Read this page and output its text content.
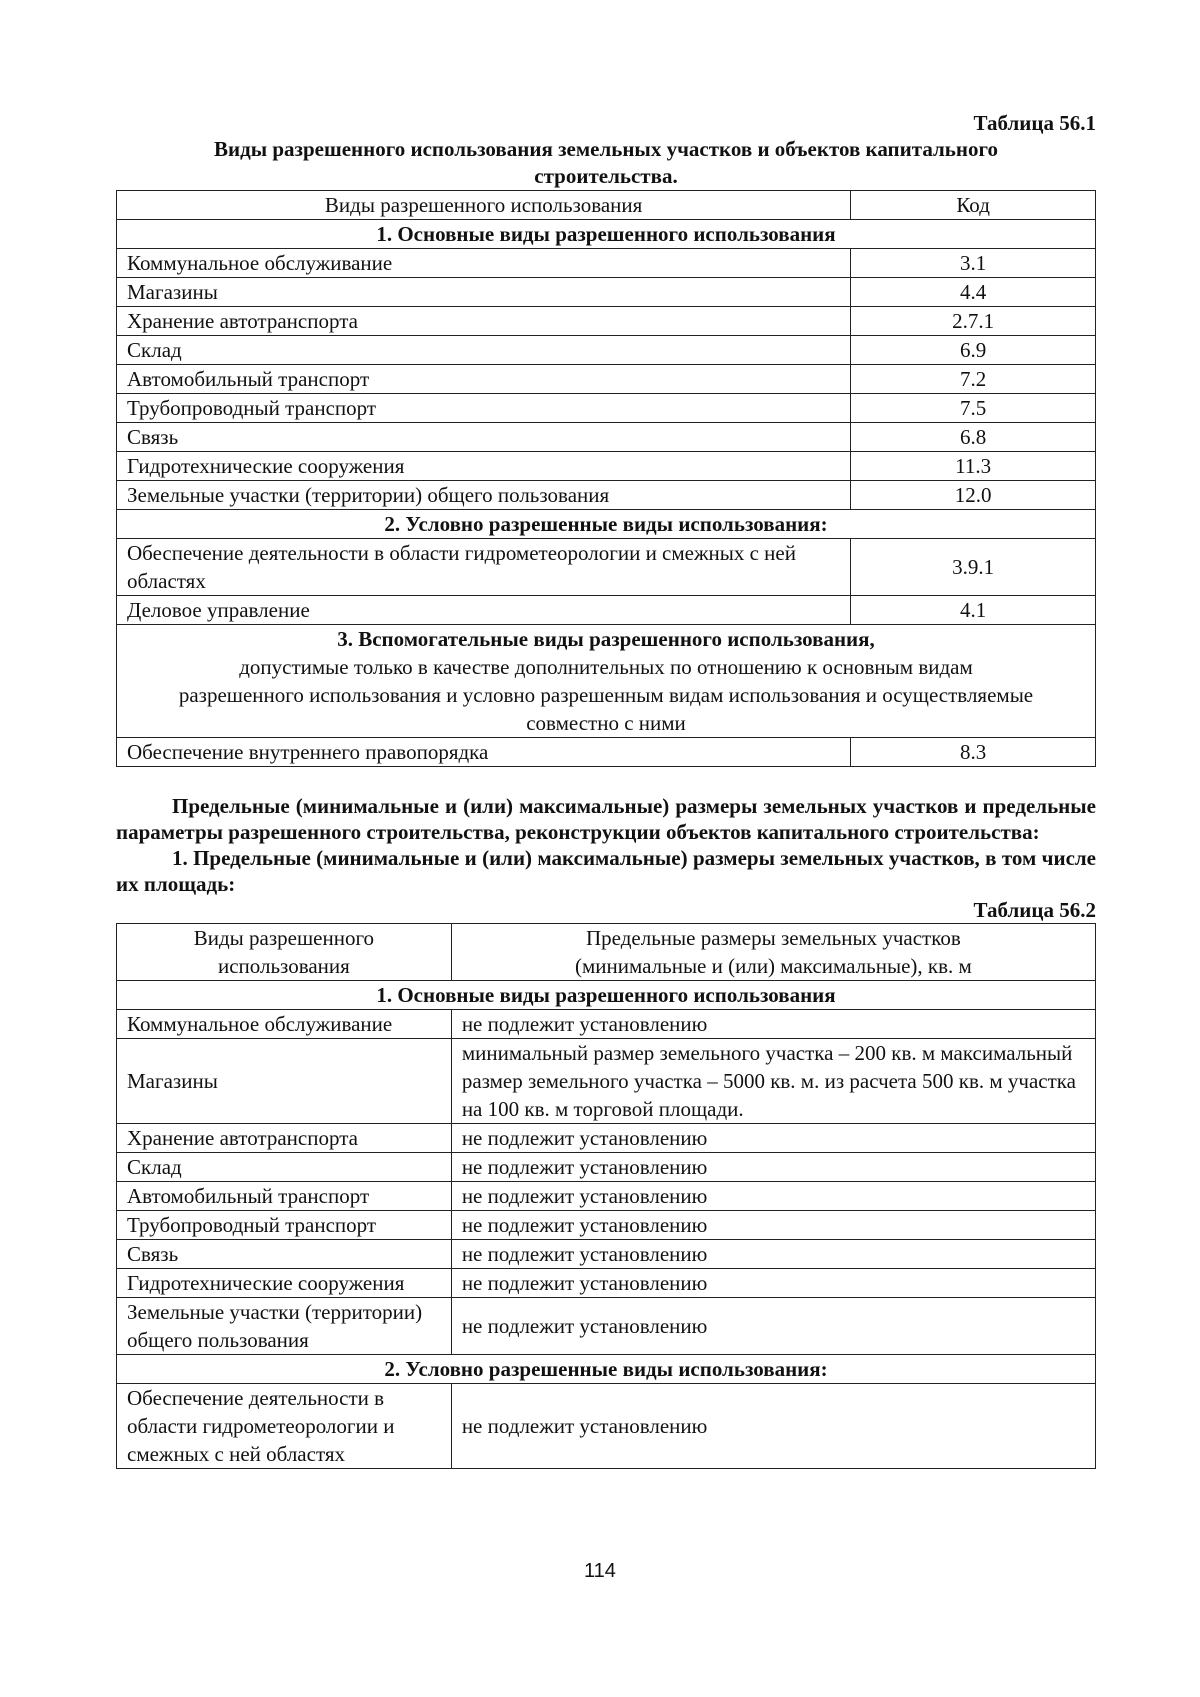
Таблица 56.1
Виды разрешенного использования земельных участков и объектов капитального строительства.
Виды разрешенного использования	Код
1. Основные виды разрешенного использования	
Коммунальное обслуживание	3.1
Магазины	4.4
Хранение автотранспорта	2.7.1
Склад	6.9
Автомобильный транспорт	7.2
Трубопроводный транспорт	7.5
Связь	6.8
Гидротехнические сооружения	11.3
Земельные участки (территории) общего пользования	12.0
2. Условно разрешенные виды использования:	
Обеспечение деятельности в области гидрометеорологии и смежных с ней областях	3.9.1
Деловое управление	4.1
3. Вспомогательные виды разрешенного использования,
допустимые только в качестве дополнительных по отношению к основным видам разрешенного использования и условно разрешенным видам использования и осуществляемые совместно с ними	

Обеспечение внутреннего правопорядка	8.3

Предельные (минимальные и (или) максимальные) размеры земельных участков и предельные параметры разрешенного строительства, реконструкции объектов капитального строительства:

1. Предельные (минимальные и (или) максимальные) размеры земельных участков, в том числе их площадь:

Таблица 56.2
Виды разрешенного использования	Предельные размеры земельных участков (минимальные и (или) максимальные), кв. м
1. Основные виды разрешенного использования	
Коммунальное обслуживание	не подлежит установлению
Магазины	минимальный размер земельного участка – 200 кв. м максимальный размер земельного участка – 5000 кв. м. из расчета 500 кв. м участка на 100 кв. м торговой площади.
Хранение автотранспорта	не подлежит установлению
Склад	не подлежит установлению
Автомобильный транспорт	не подлежит установлению
Трубопроводный транспорт	не подлежит установлению
Связь	не подлежит установлению
Гидротехнические сооружения	не подлежит установлению
Земельные участки (территории) общего пользования	не подлежит установлению
2. Условно разрешенные виды использования:	
Обеспечение деятельности в области гидрометеорологии и смежных с ней областях	не подлежит установлению
114
